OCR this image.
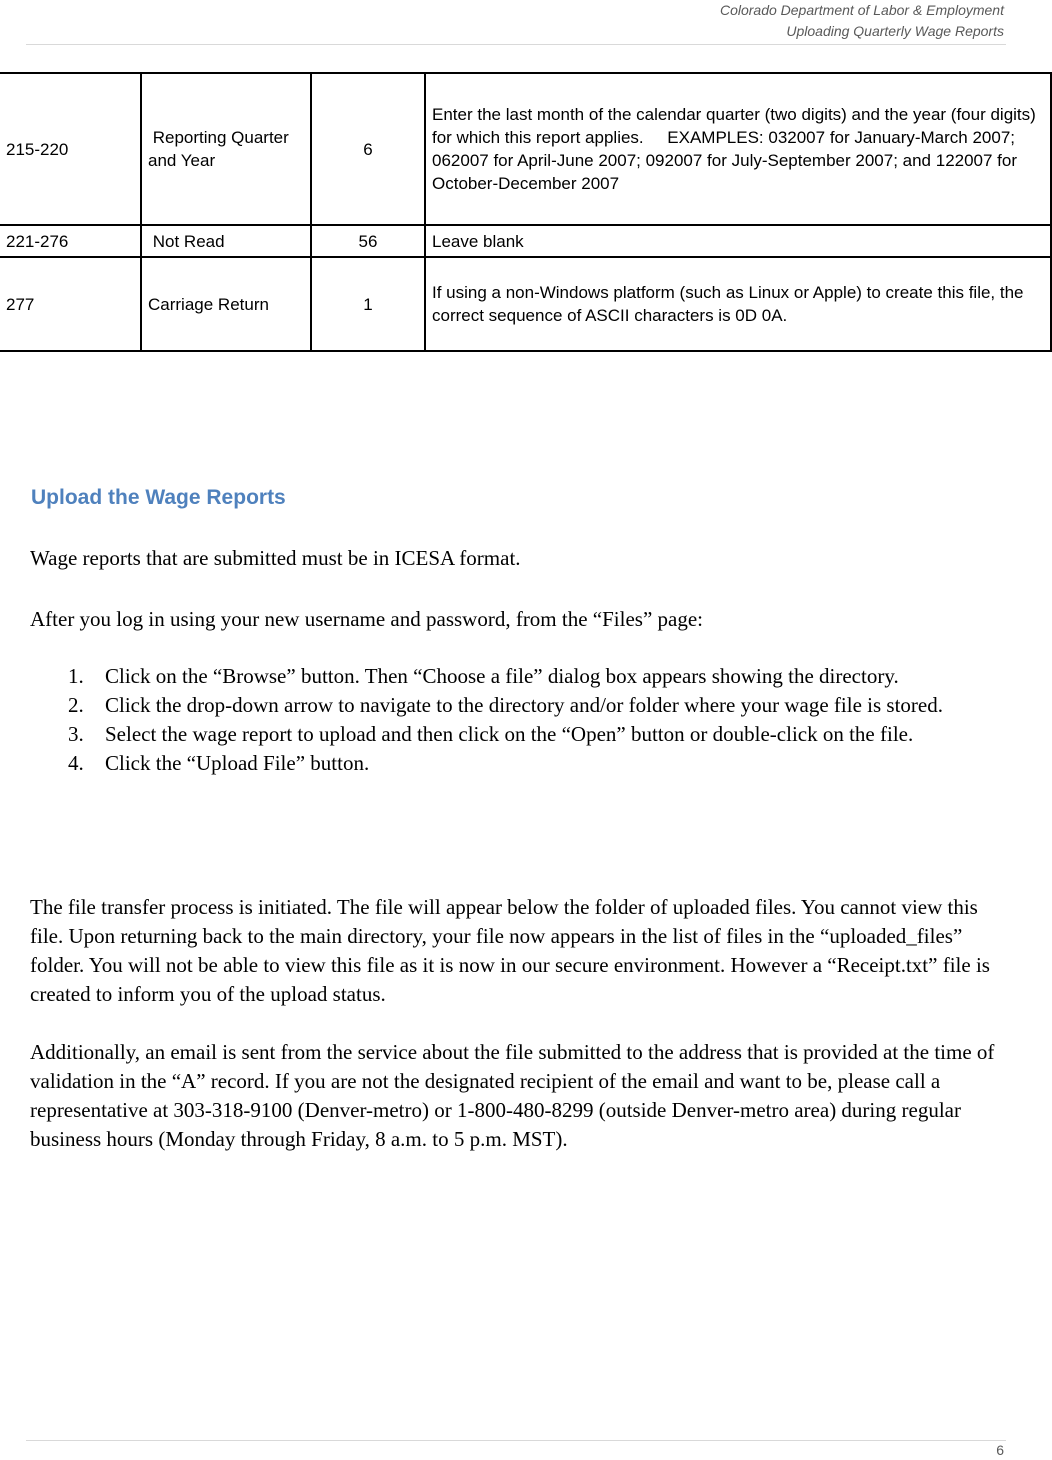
Colorado Department of Labor & Employment
Uploading Quarterly Wage Reports
215-220	Reporting Quarter and Year	6	Enter the last month of the calendar quarter (two digits) and the year (four digits) for which this report applies.     EXAMPLES: 032007 for January-March 2007; 062007 for April-June 2007; 092007 for July-September 2007; and 122007 for October-December 2007
221-276	Not Read	56	Leave blank
277	Carriage Return	1	If using a non-Windows platform (such as Linux or Apple) to create this file, the correct sequence of ASCII characters is 0D 0A.
Upload the Wage Reports

Wage reports that are submitted must be in ICESA format.

After you log in using your new username and password, from the “Files” page:

1. Click on the “Browse” button. Then “Choose a file” dialog box appears showing the directory.
2. Click the drop-down arrow to navigate to the directory and/or folder where your wage file is stored.
3. Select the wage report to upload and then click on the “Open” button or double-click on the file.
4. Click the “Upload File” button.

The file transfer process is initiated. The file will appear below the folder of uploaded files. You cannot view this file. Upon returning back to the main directory, your file now appears in the list of files in the “uploaded_files” folder. You will not be able to view this file as it is now in our secure environment. However a “Receipt.txt” file is created to inform you of the upload status.

Additionally, an email is sent from the service about the file submitted to the address that is provided at the time of validation in the “A” record. If you are not the designated recipient of the email and want to be, please call a representative at 303-318-9100 (Denver-metro) or 1-800-480-8299 (outside Denver-metro area) during regular business hours (Monday through Friday, 8 a.m. to 5 p.m. MST).

6
